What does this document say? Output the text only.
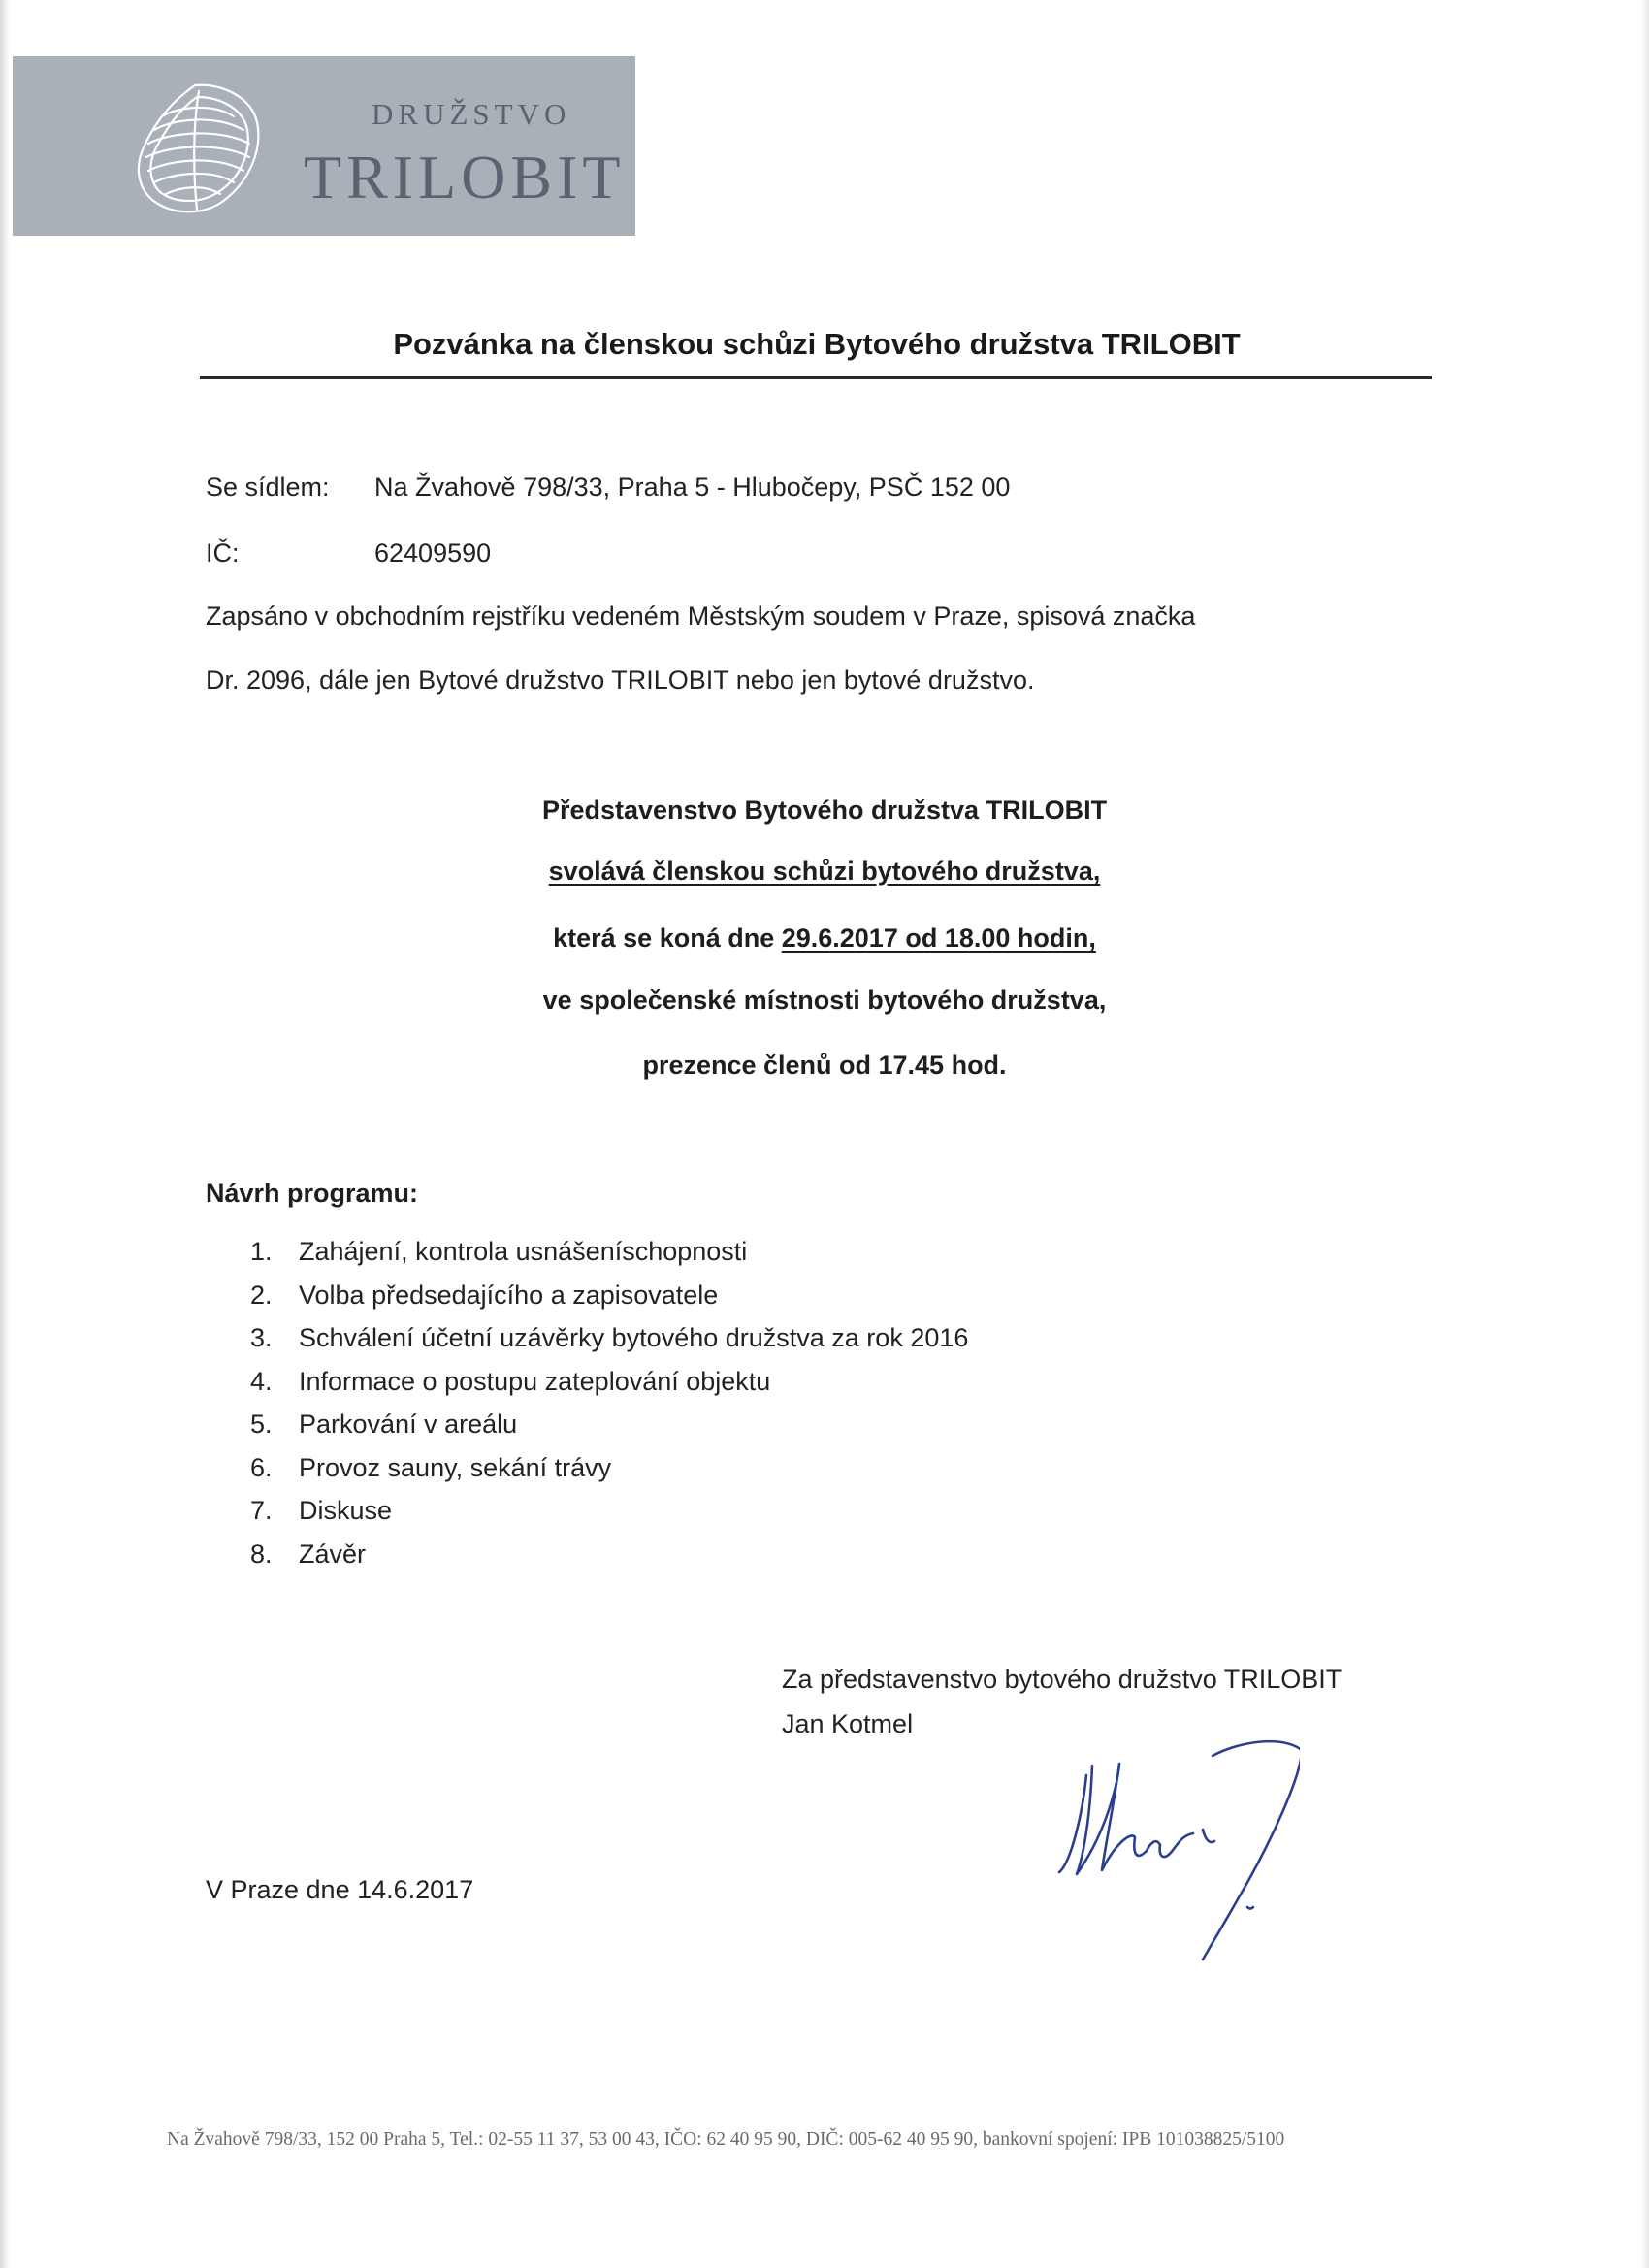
DRUŽSTVO
TRILOBIT
Pozvánka na členskou schůzi Bytového družstva TRILOBIT
Se sídlem: Na Žvahově 798/33, Praha 5 - Hlubočepy, PSČ 152 00
IČ:	62409590
Zapsáno v obchodním rejstříku vedeném Městským soudem v Praze, spisová značka
Dr. 2096, dále jen Bytové družstvo TRILOBIT nebo jen bytové družstvo.
Představenstvo Bytového družstva TRILOBIT
svolává členskou schůzi bytového družstva,
která se koná dne 29.6.2017 od 18.00 hodin,
ve společenské místnosti bytového družstva,
prezence členů od 17.45 hod.
Návrh programu:
1. Zahájení, kontrola usnášeníschopnosti
2. Volba předsedajícího a zapisovatele
3. Schválení účetní uzávěrky bytového družstva za rok 2016
4. Informace o postupu zateplování objektu
5. Parkování v areálu
6. Provoz sauny, sekání trávy
7. Diskuse
8. Závěr
Za představenstvo bytového družstvo TRILOBIT
Jan Kotmel
V Praze dne 14.6.2017
Na Žvahově 798/33, 152 00 Praha 5, Tel.: 02-55 11 37, 53 00 43, IČO: 62 40 95 90, DIČ: 005-62 40 95 90, bankovní spojení: IPB 101038825/5100
